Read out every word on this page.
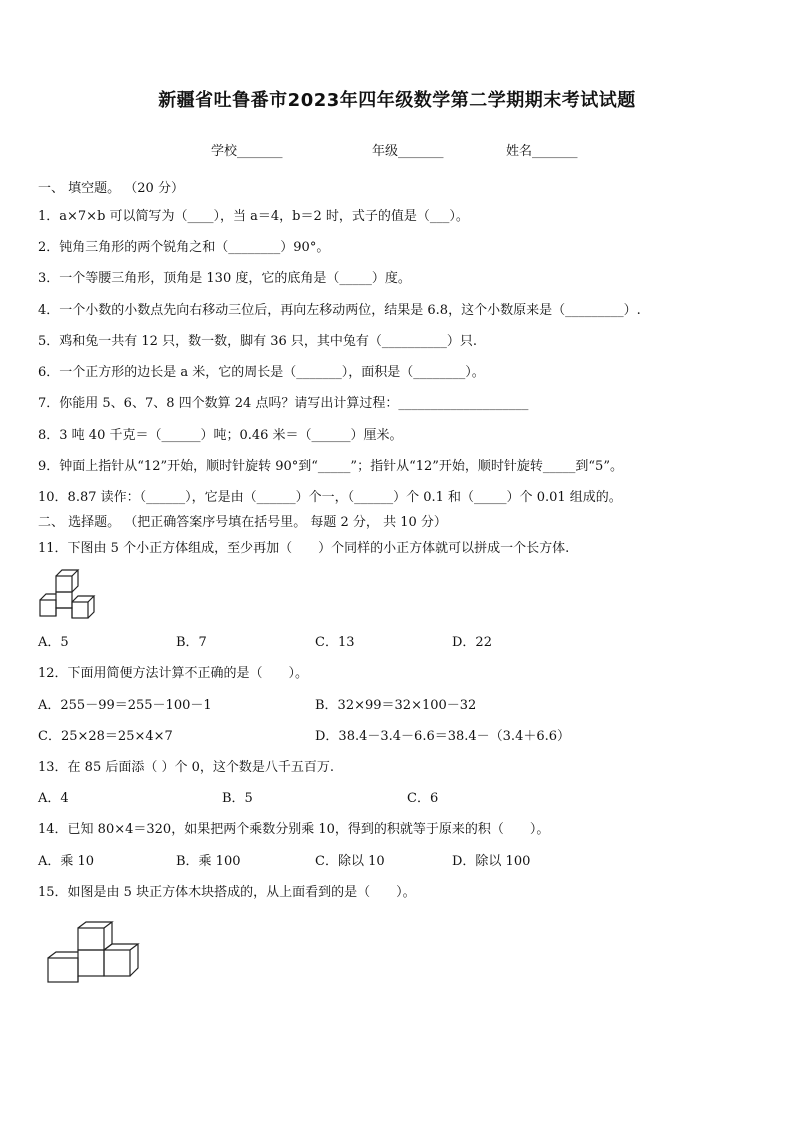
新疆省吐鲁番市2023年四年级数学第二学期期末考试试题
学校_______	年级_______	姓名_______
一、 填空题。 （20 分）
1．a×7×b 可以简写为（____），当 a＝4，b＝2 时，式子的值是（___）。
2．钝角三角形的两个锐角之和（________）90°。
3．一个等腰三角形，顶角是 130 度，它的底角是（_____）度。
4．一个小数的小数点先向右移动三位后，再向左移动两位，结果是 6.8，这个小数原来是（_________）.
5．鸡和兔一共有 12 只，数一数，脚有 36 只，其中兔有（__________）只.
6．一个正方形的边长是 a 米，它的周长是（_______），面积是（________）。
7．你能用 5、6、7、8 四个数算 24 点吗？请写出计算过程：____________________
8．3 吨 40 千克＝（______）吨；0.46 米＝（______）厘米。
9．钟面上指针从“12”开始，顺时针旋转 90°到“_____”；指针从“12”开始，顺时针旋转_____到“5”。
10．8.87 读作：（______），它是由（______）个一，（______）个 0.1 和（_____）个 0.01 组成的。
二、 选择题。 （把正确答案序号填在括号里。 每题 2 分， 共 10 分）
11．下图由 5 个小正方体组成，至少再加（　　）个同样的小正方体就可以拼成一个长方体.
A．5	B．7	C．13	D．22
12．下面用简便方法计算不正确的是（　　）。
A．255－99＝255－100－1	B．32×99＝32×100－32
C．25×28＝25×4×7	D．38.4－3.4－6.6＝38.4－（3.4＋6.6）
13．在 85 后面添（ ）个 0，这个数是八千五百万.
A．4	B．5	C．6
14．已知 80×4＝320，如果把两个乘数分别乘 10，得到的积就等于原来的积（　　）。
A．乘 10	B．乘 100	C．除以 10	D．除以 100
15．如图是由 5 块正方体木块搭成的，从上面看到的是（　　）。
